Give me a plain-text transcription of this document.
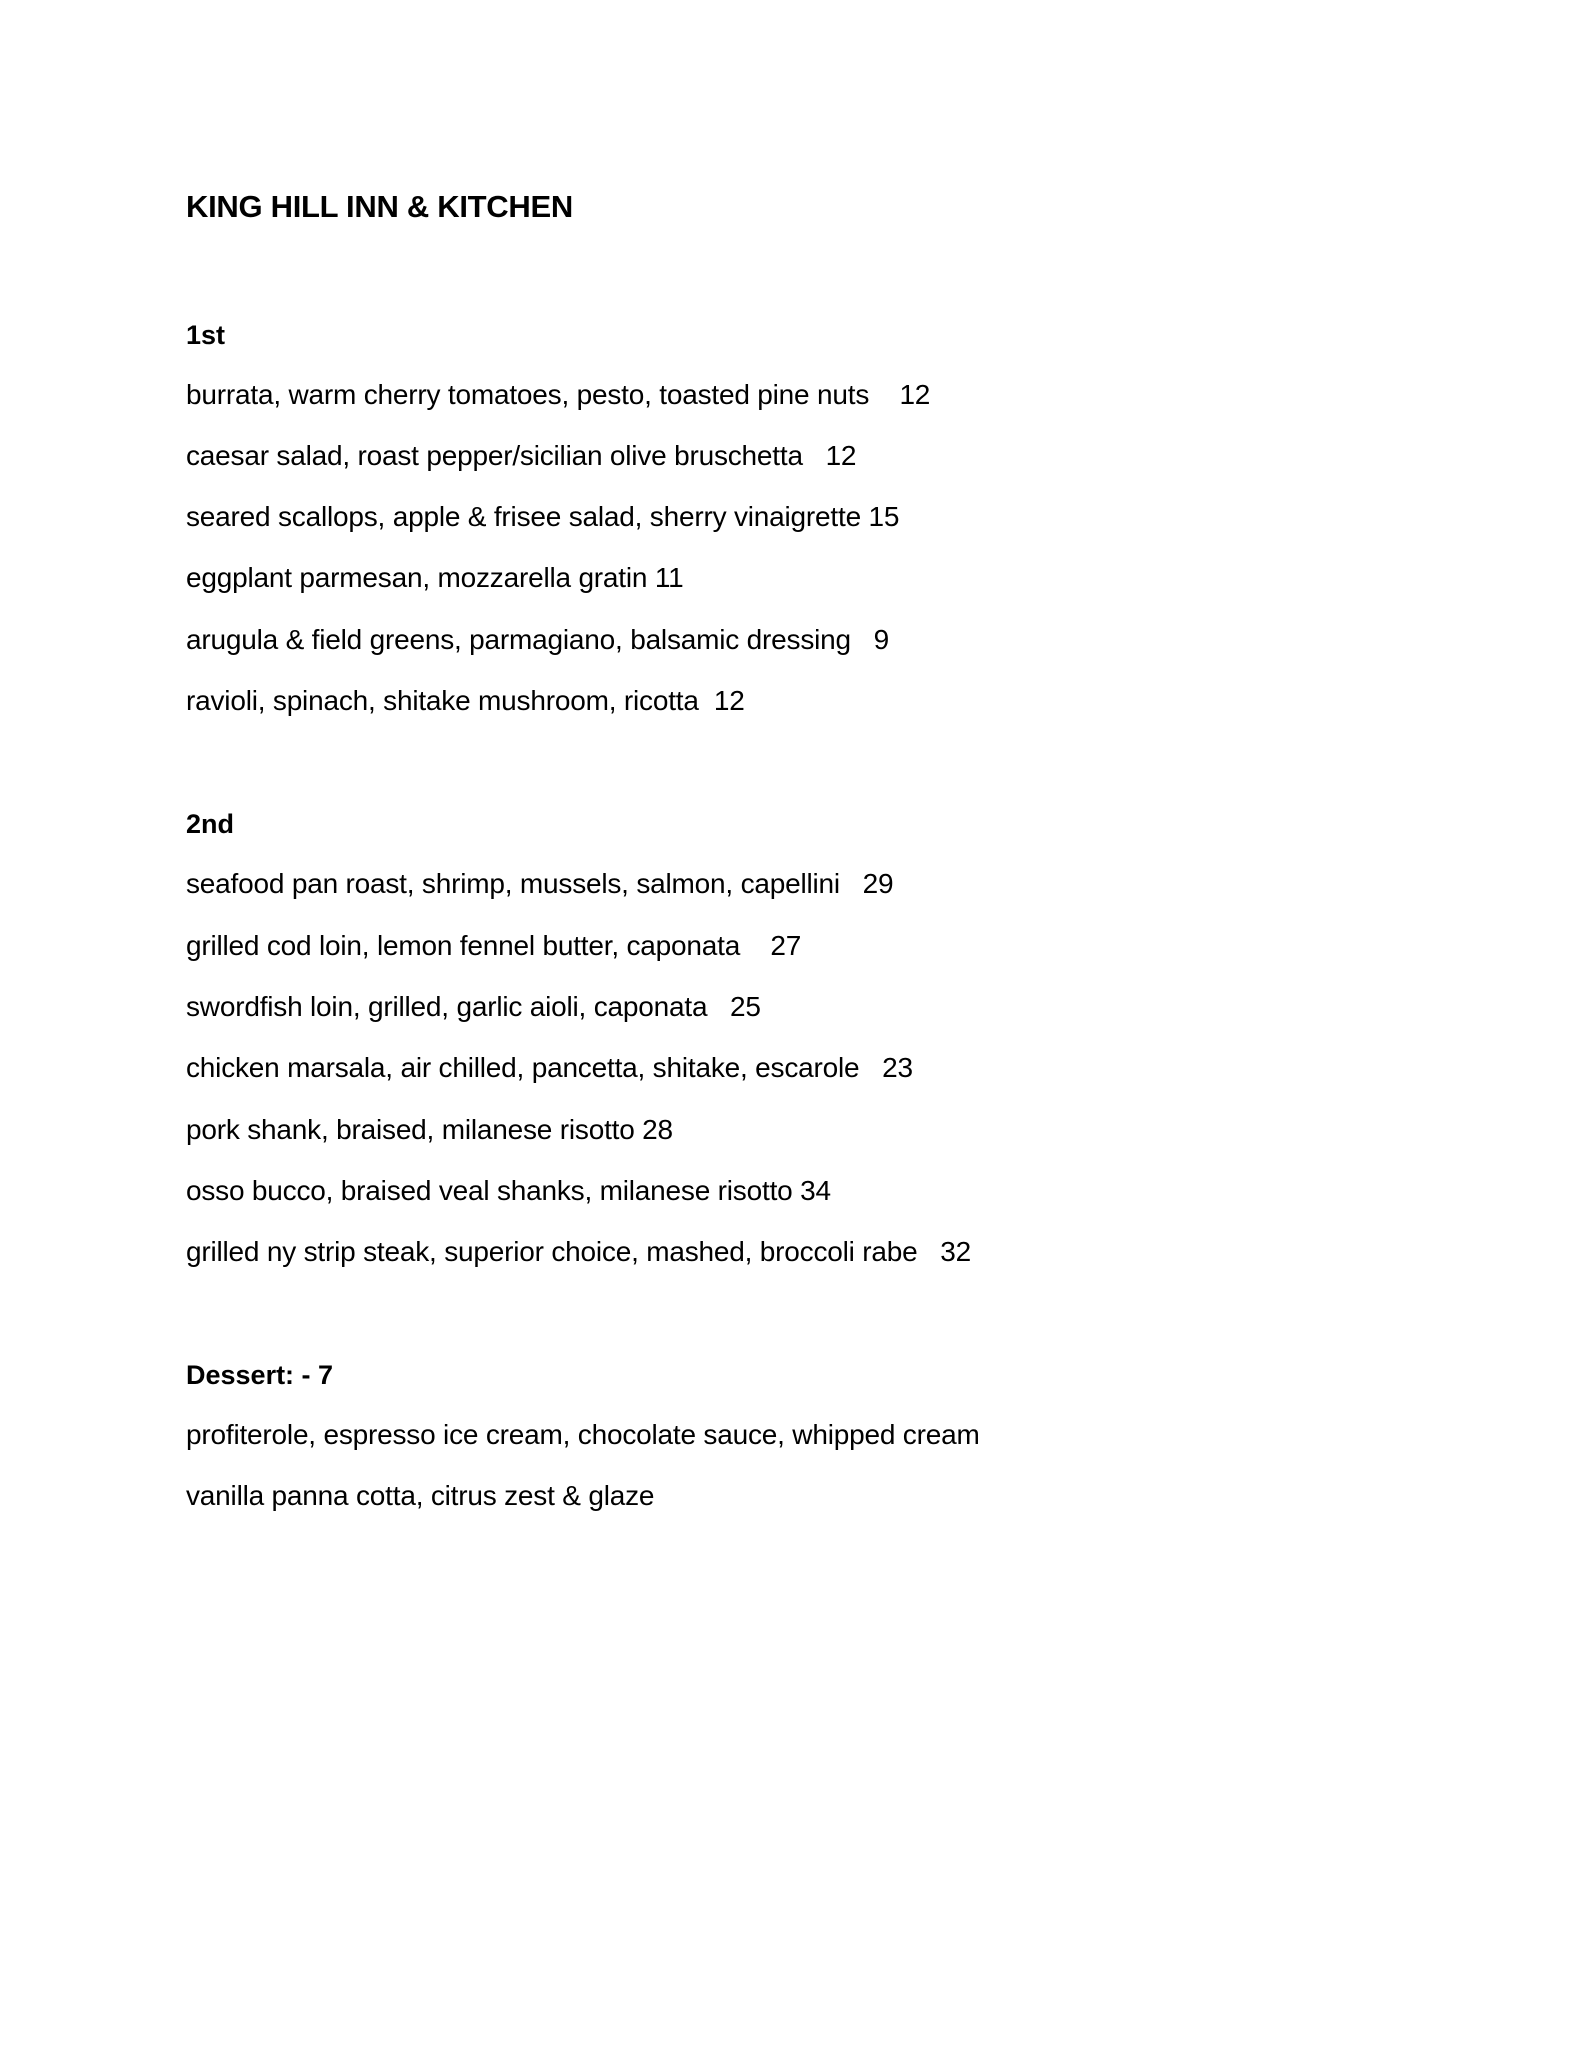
KING HILL INN & KITCHEN
1st
burrata, warm cherry tomatoes, pesto, toasted pine nuts    12
caesar salad, roast pepper/sicilian olive bruschetta   12
seared scallops, apple & frisee salad, sherry vinaigrette 15
eggplant parmesan, mozzarella gratin 11
arugula & field greens, parmagiano, balsamic dressing   9
ravioli, spinach, shitake mushroom, ricotta  12
2nd
seafood pan roast, shrimp, mussels, salmon, capellini   29
grilled cod loin, lemon fennel butter, caponata    27
swordfish loin, grilled, garlic aioli, caponata   25
chicken marsala, air chilled, pancetta, shitake, escarole   23
pork shank, braised, milanese risotto 28
osso bucco, braised veal shanks, milanese risotto 34
grilled ny strip steak, superior choice, mashed, broccoli rabe   32
Dessert: - 7
profiterole, espresso ice cream, chocolate sauce, whipped cream
vanilla panna cotta, citrus zest & glaze
